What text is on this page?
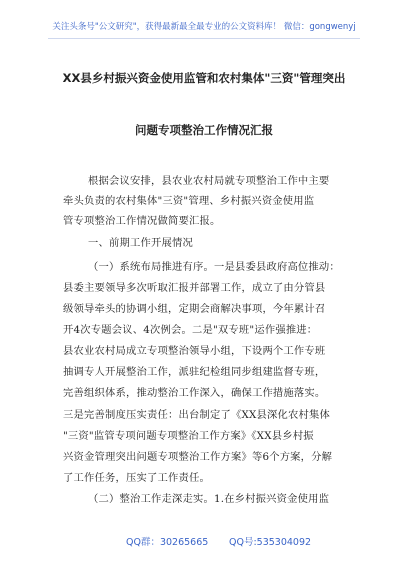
关注头条号"公文研究"，获得最新最全最专业的公文资料库！ 微信：gongwenyj
XX县乡村振兴资金使用监管和农村集体"三资"管理突出
问题专项整治工作情况汇报
根据会议安排，县农业农村局就专项整治工作中主要
牵头负责的农村集体"三资"管理、乡村振兴资金使用监
管专项整治工作情况做简要汇报。
一、前期工作开展情况
（一）系统布局推进有序。一是县委县政府高位推动：
县委主要领导多次听取汇报并部署工作，成立了由分管县
级领导牵头的协调小组，定期会商解决事项，今年累计召
开4次专题会议、4次例会。二是"双专班"运作强推进：
县农业农村局成立专项整治领导小组，下设两个工作专班
抽调专人开展整治工作，派驻纪检组同步组建监督专班，
完善组织体系，推动整治工作深入，确保工作措施落实。
三是完善制度压实责任：出台制定了《XX县深化农村集体
"三资"监管专项问题专项整治工作方案》《XX县乡村振
兴资金管理突出问题专项整治工作方案》等6个方案，分解
了工作任务，压实了工作责任。
（二）整治工作走深走实。1.在乡村振兴资金使用监
QQ群：30265665 QQ号:535304092
